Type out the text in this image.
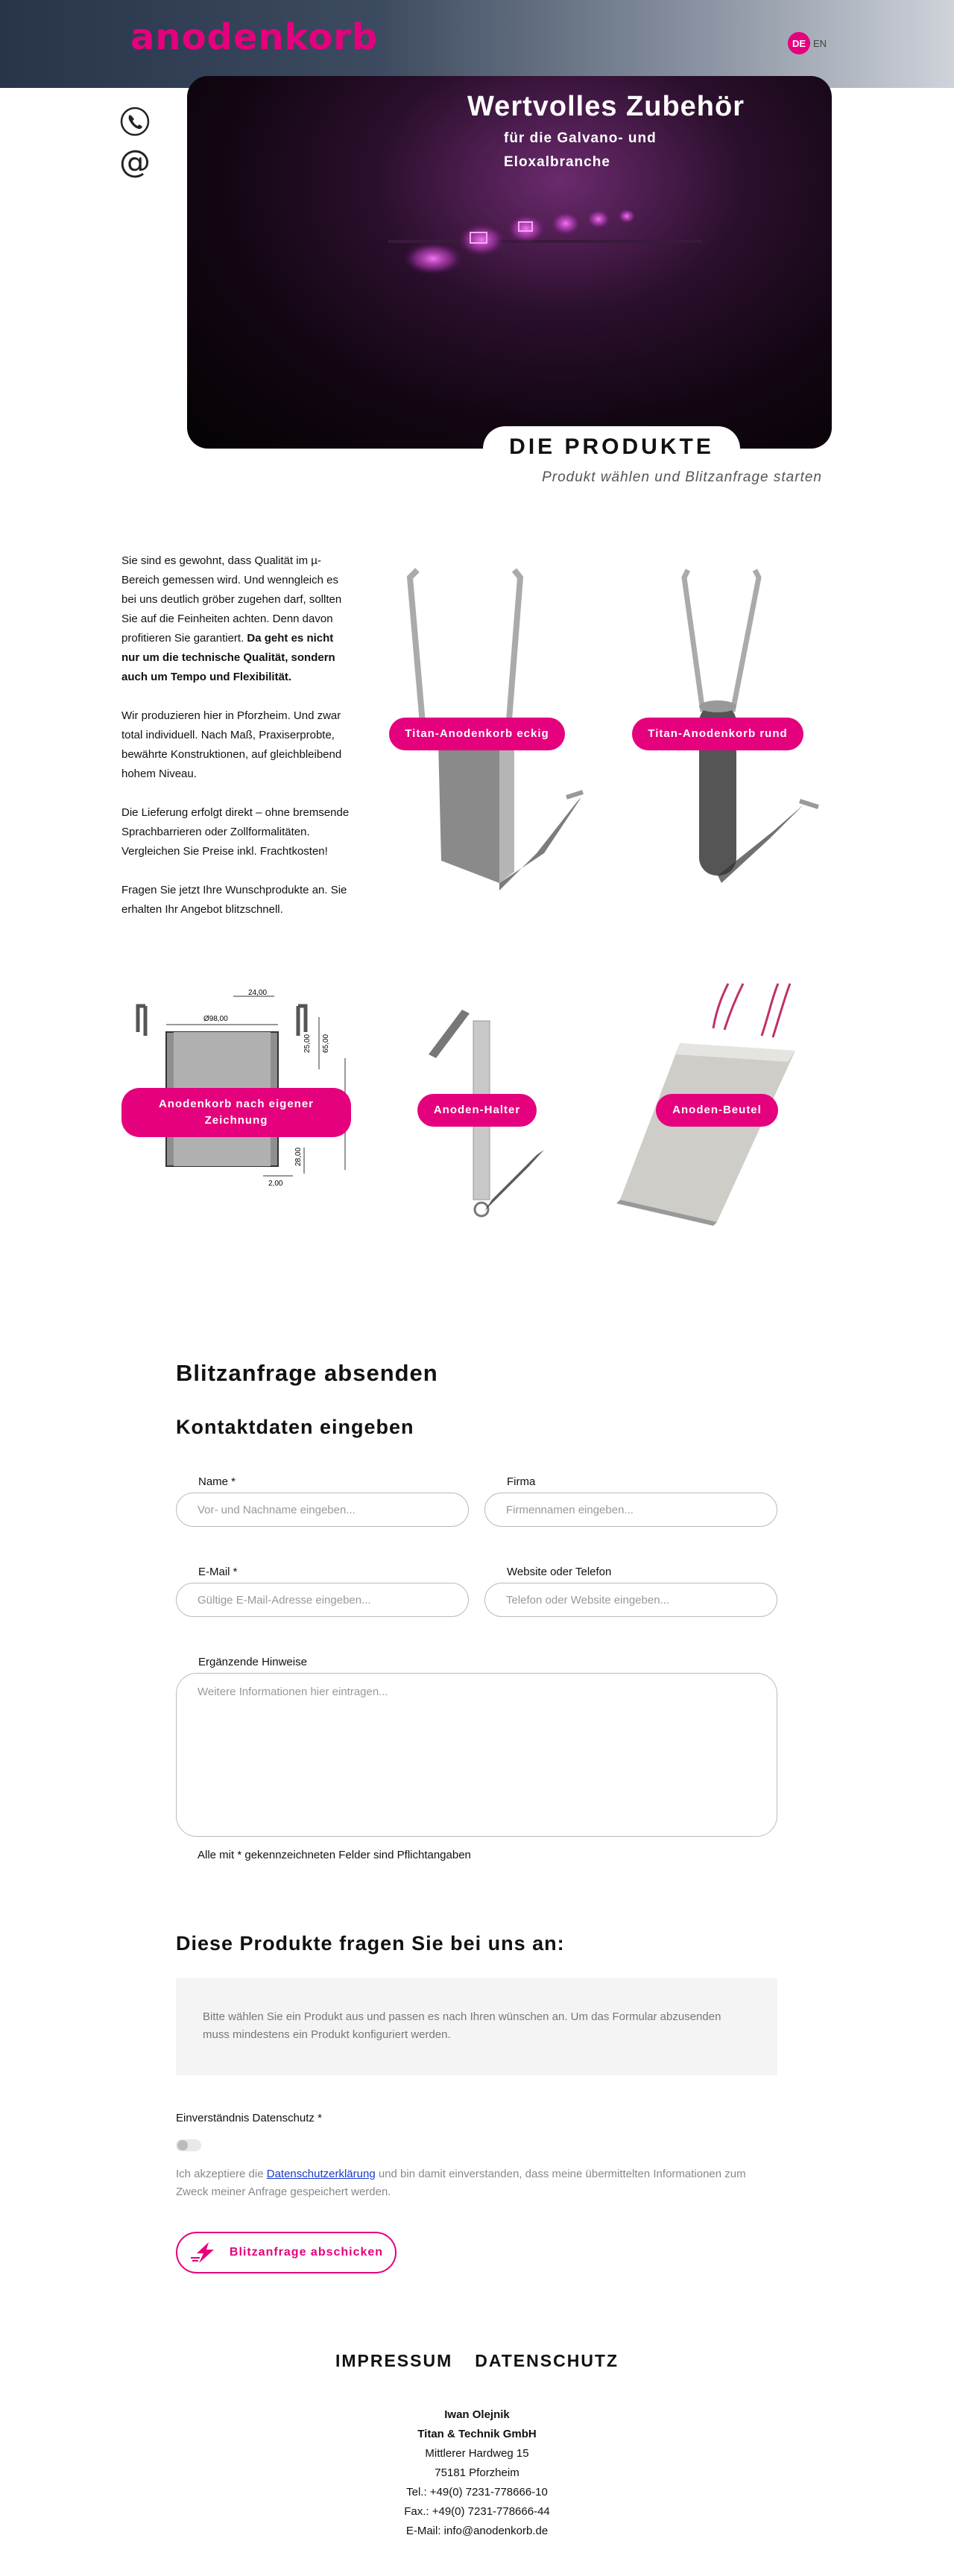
anodenkorb	DE EN
@
Wertvolles Zubehör
für die Galvano- und Eloxalbranche
DIE PRODUKTE
Produkt wählen und Blitzanfrage starten

Sie sind es gewohnt, dass Qualität im µ-Bereich gemessen wird. Und wenngleich es bei uns deutlich gröber zugehen darf, sollten Sie auf die Feinheiten achten. Denn davon profitieren Sie garantiert. Da geht es nicht nur um die technische Qualität, sondern auch um Tempo und Flexibilität.

Wir produzieren hier in Pforzheim. Und zwar total individuell. Nach Maß, Praxiserprobte, bewährte Konstruktionen, auf gleichbleibend hohem Niveau.

Die Lieferung erfolgt direkt – ohne bremsende Sprachbarrieren oder Zollformalitäten. Vergleichen Sie Preise inkl. Frachtkosten!

Fragen Sie jetzt Ihre Wunschprodukte an. Sie erhalten Ihr Angebot blitzschnell.

Titan-Anodenkorb eckig	Titan-Anodenkorb rund
24,00
Ø98,00
25,00 65,00
28,00
2,00
Anodenkorb nach eigener Zeichnung
Anoden-Halter	Anoden-Beutel
Blitzanfrage absenden
Kontaktdaten eingeben
Name *
Vor- und Nachname eingeben...	Firma
Firmennamen eingeben...
E-Mail *
Gültige E-Mail-Adresse eingeben...	Website oder Telefon
Telefon oder Website eingeben...
Ergänzende Hinweise
Weitere Informationen hier eintragen...
Alle mit * gekennzeichneten Felder sind Pflichtangaben
Diese Produkte fragen Sie bei uns an:
Bitte wählen Sie ein Produkt aus und passen es nach Ihren wünschen an. Um das Formular abzusenden muss mindestens ein Produkt konfiguriert werden.
Einverständnis Datenschutz *
Ich akzeptiere die Datenschutzerklärung und bin damit einverstanden, dass meine übermittelten Informationen zum Zweck meiner Anfrage gespeichert werden.
Blitzanfrage abschicken
IMPRESSUM DATENSCHUTZ
Iwan Olejnik
Titan & Technik GmbH
Mittlerer Hardweg 15
75181 Pforzheim
Tel.: +49(0) 7231-778666-10
Fax.: +49(0) 7231-778666-44
E-Mail: info@anodenkorb.de
